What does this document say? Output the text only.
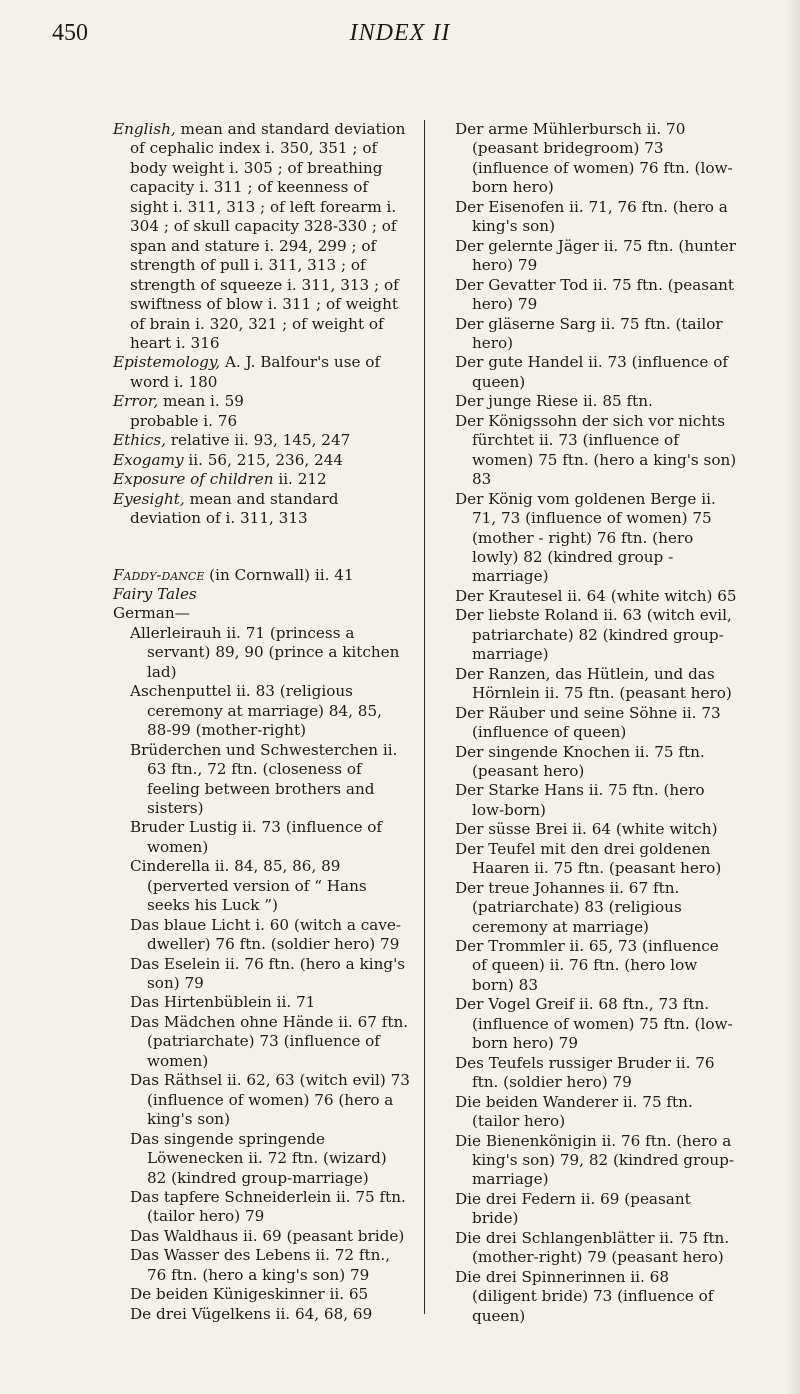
450	INDEX II

English, mean and standard deviation of cephalic index i. 350, 351 ; of body weight i. 305 ; of breathing capacity i. 311 ; of keenness of sight i. 311, 313 ; of left forearm i. 304 ; of skull capacity 328-330 ; of span and stature i. 294, 299 ; of strength of pull i. 311, 313 ; of strength of squeeze i. 311, 313 ; of swiftness of blow i. 311 ; of weight of brain i. 320, 321 ; of weight of heart i. 316

Epistemology, A. J. Balfour's use of word i. 180

Error, mean i. 59

probable i. 76

Ethics, relative ii. 93, 145, 247

Exogamy ii. 56, 215, 236, 244

Exposure of children ii. 212

Eyesight, mean and standard deviation of i. 311, 313

Faddy-dance (in Cornwall) ii. 41

Fairy Tales

German—

Allerleirauh ii. 71 (princess a servant) 89, 90 (prince a kitchen lad)

Aschenputtel ii. 83 (religious ceremony at marriage) 84, 85, 88-99 (mother-right)

Brüderchen und Schwesterchen ii. 63 ftn., 72 ftn. (closeness of feeling between brothers and sisters)

Bruder Lustig ii. 73 (influence of women)

Cinderella ii. 84, 85, 86, 89 (perverted version of “ Hans seeks his Luck ”)

Das blaue Licht i. 60 (witch a cave-dweller) 76 ftn. (soldier hero) 79

Das Eselein ii. 76 ftn. (hero a king's son) 79

Das Hirtenbüblein ii. 71

Das Mädchen ohne Hände ii. 67 ftn. (patriarchate) 73 (influence of women)

Das Räthsel ii. 62, 63 (witch evil) 73 (influence of women) 76 (hero a king's son)

Das singende springende Löwenecken ii. 72 ftn. (wizard) 82 (kindred group-marriage)

Das tapfere Schneiderlein ii. 75 ftn. (tailor hero) 79

Das Waldhaus ii. 69 (peasant bride)

Das Wasser des Lebens ii. 72 ftn., 76 ftn. (hero a king's son) 79

De beiden Künigeskinner ii. 65

De drei Vügelkens ii. 64, 68, 69

Der arme Mühlerbursch ii. 70 (peasant bridegroom) 73 (influence of women) 76 ftn. (low-born hero)

Der Eisenofen ii. 71, 76 ftn. (hero a king's son)

Der gelernte Jäger ii. 75 ftn. (hunter hero) 79

Der Gevatter Tod ii. 75 ftn. (peasant hero) 79

Der gläserne Sarg ii. 75 ftn. (tailor hero)

Der gute Handel ii. 73 (influence of queen)

Der junge Riese ii. 85 ftn.

Der Königssohn der sich vor nichts fürchtet ii. 73 (influence of women) 75 ftn. (hero a king's son) 83

Der König vom goldenen Berge ii. 71, 73 (influence of women) 75 (mother - right) 76 ftn. (hero lowly) 82 (kindred group - marriage)

Der Krautesel ii. 64 (white witch) 65

Der liebste Roland ii. 63 (witch evil, patriarchate) 82 (kindred group-marriage)

Der Ranzen, das Hütlein, und das Hörnlein ii. 75 ftn. (peasant hero)

Der Räuber und seine Söhne ii. 73 (influence of queen)

Der singende Knochen ii. 75 ftn. (peasant hero)

Der Starke Hans ii. 75 ftn. (hero low-born)

Der süsse Brei ii. 64 (white witch)

Der Teufel mit den drei goldenen Haaren ii. 75 ftn. (peasant hero)

Der treue Johannes ii. 67 ftn. (patriarchate) 83 (religious ceremony at marriage)

Der Trommler ii. 65, 73 (influence of queen) ii. 76 ftn. (hero low born) 83

Der Vogel Greif ii. 68 ftn., 73 ftn. (influence of women) 75 ftn. (low-born hero) 79

Des Teufels russiger Bruder ii. 76 ftn. (soldier hero) 79

Die beiden Wanderer ii. 75 ftn. (tailor hero)

Die Bienenkönigin ii. 76 ftn. (hero a king's son) 79, 82 (kindred group-marriage)

Die drei Federn ii. 69 (peasant bride)

Die drei Schlangenblätter ii. 75 ftn. (mother-right) 79 (peasant hero)

Die drei Spinnerinnen ii. 68 (diligent bride) 73 (influence of queen)
